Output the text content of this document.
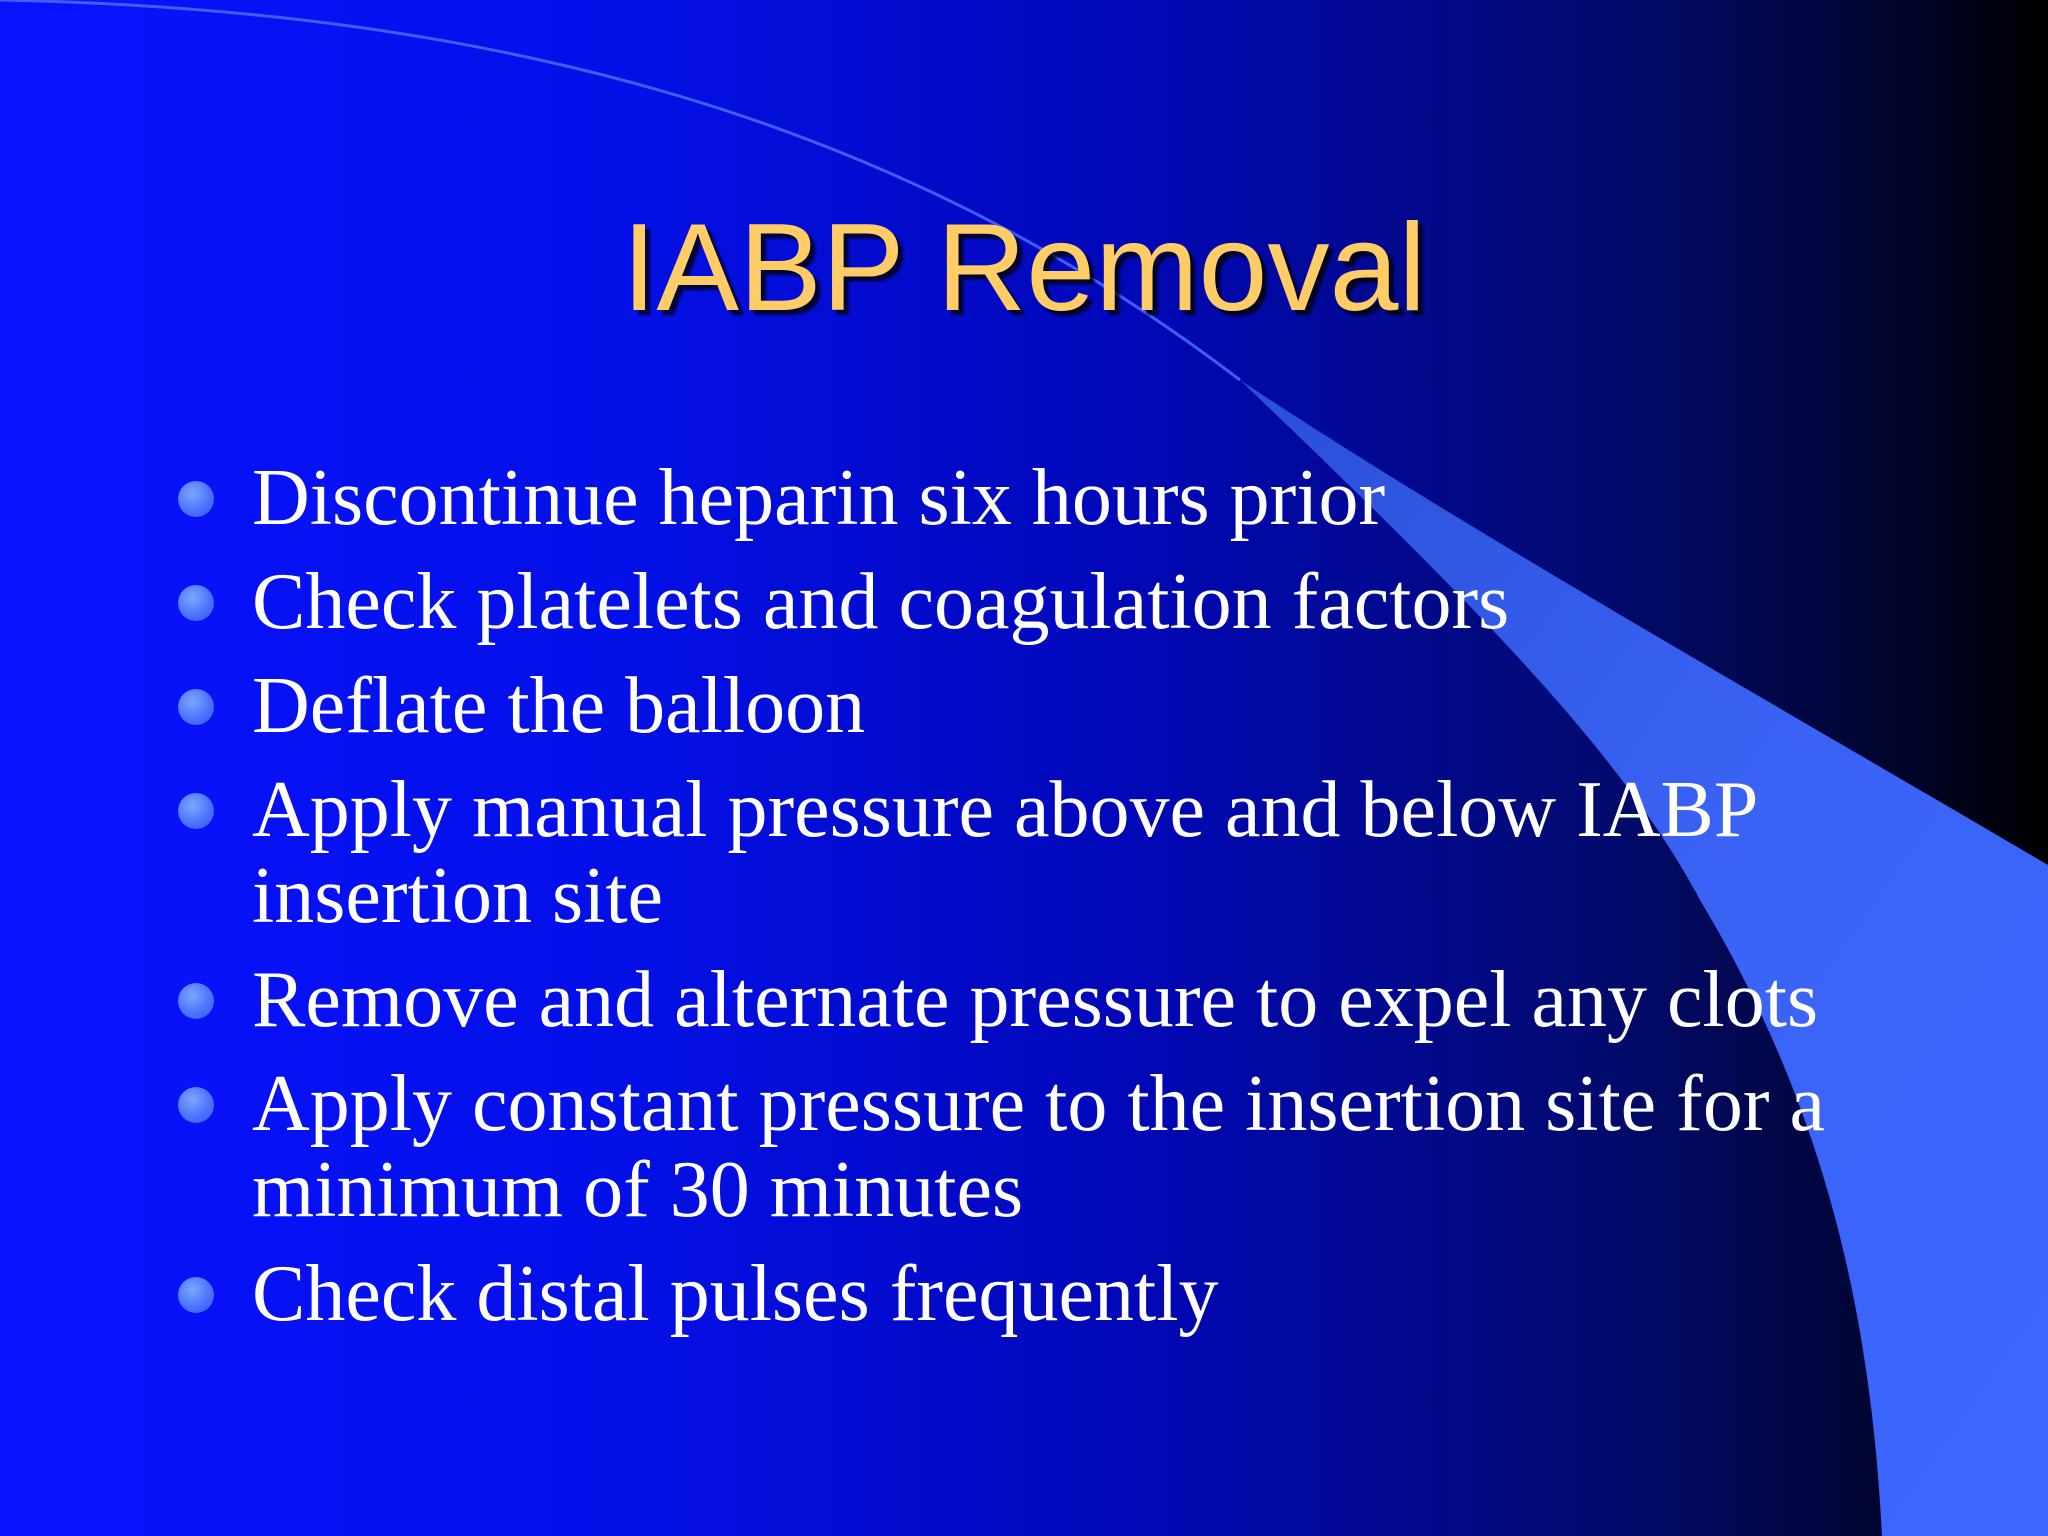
IABP Removal
Discontinue heparin six hours prior
Check platelets and coagulation factors
Deflate the balloon
Apply manual pressure above and below IABP
insertion site
Remove and alternate pressure to expel any clots
Apply constant pressure to the insertion site for a
minimum of 30 minutes
Check distal pulses frequently
